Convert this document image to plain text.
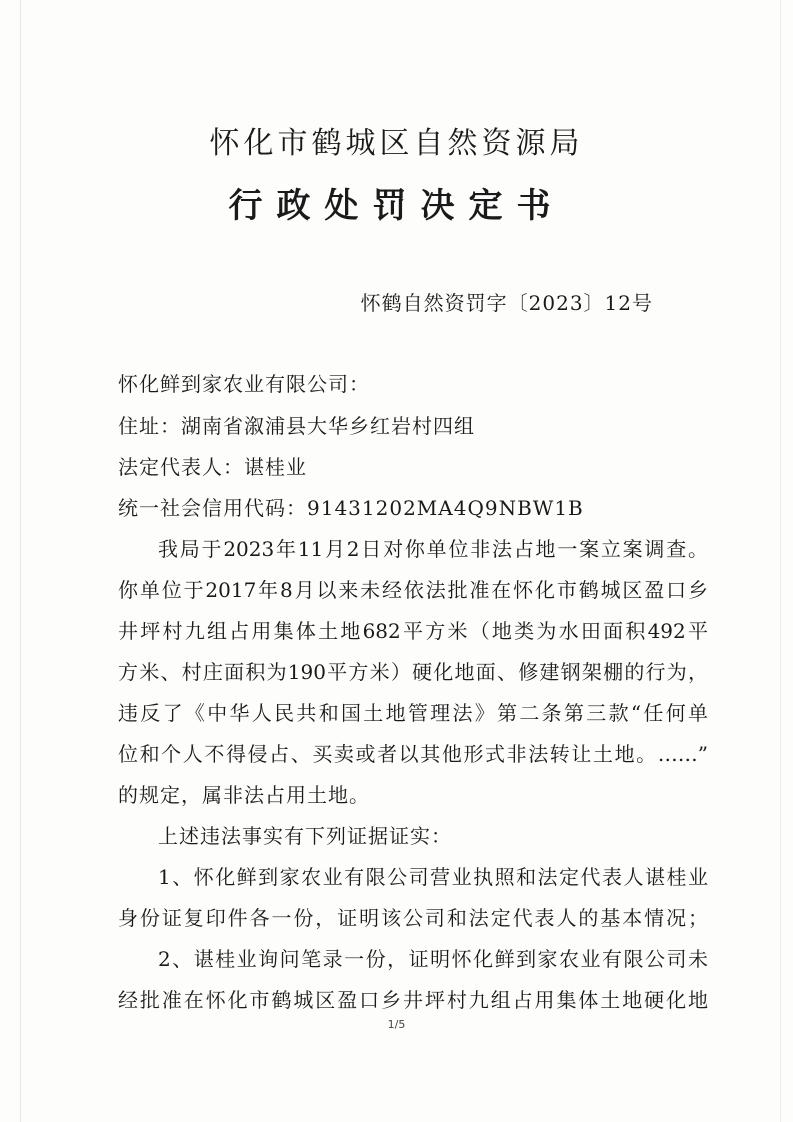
怀化市鹤城区自然资源局
行政处罚决定书
怀鹤自然资罚字〔2023〕12号
怀化鲜到家农业有限公司：
住址：湖南省溆浦县大华乡红岩村四组
法定代表人：谌桂业
统一社会信用代码：91431202MA4Q9NBW1B
我局于2023年11月2日对你单位非法占地一案立案调查。
你单位于2017年8月以来未经依法批准在怀化市鹤城区盈口乡
井坪村九组占用集体土地682平方米（地类为水田面积492平
方米、村庄面积为190平方米）硬化地面、修建钢架棚的行为，
违反了《中华人民共和国土地管理法》第二条第三款“任何单
位和个人不得侵占、买卖或者以其他形式非法转让土地。……”
的规定，属非法占用土地。
上述违法事实有下列证据证实：
1、怀化鲜到家农业有限公司营业执照和法定代表人谌桂业
身份证复印件各一份，证明该公司和法定代表人的基本情况；
2、谌桂业询问笔录一份，证明怀化鲜到家农业有限公司未
经批准在怀化市鹤城区盈口乡井坪村九组占用集体土地硬化地
1/5
